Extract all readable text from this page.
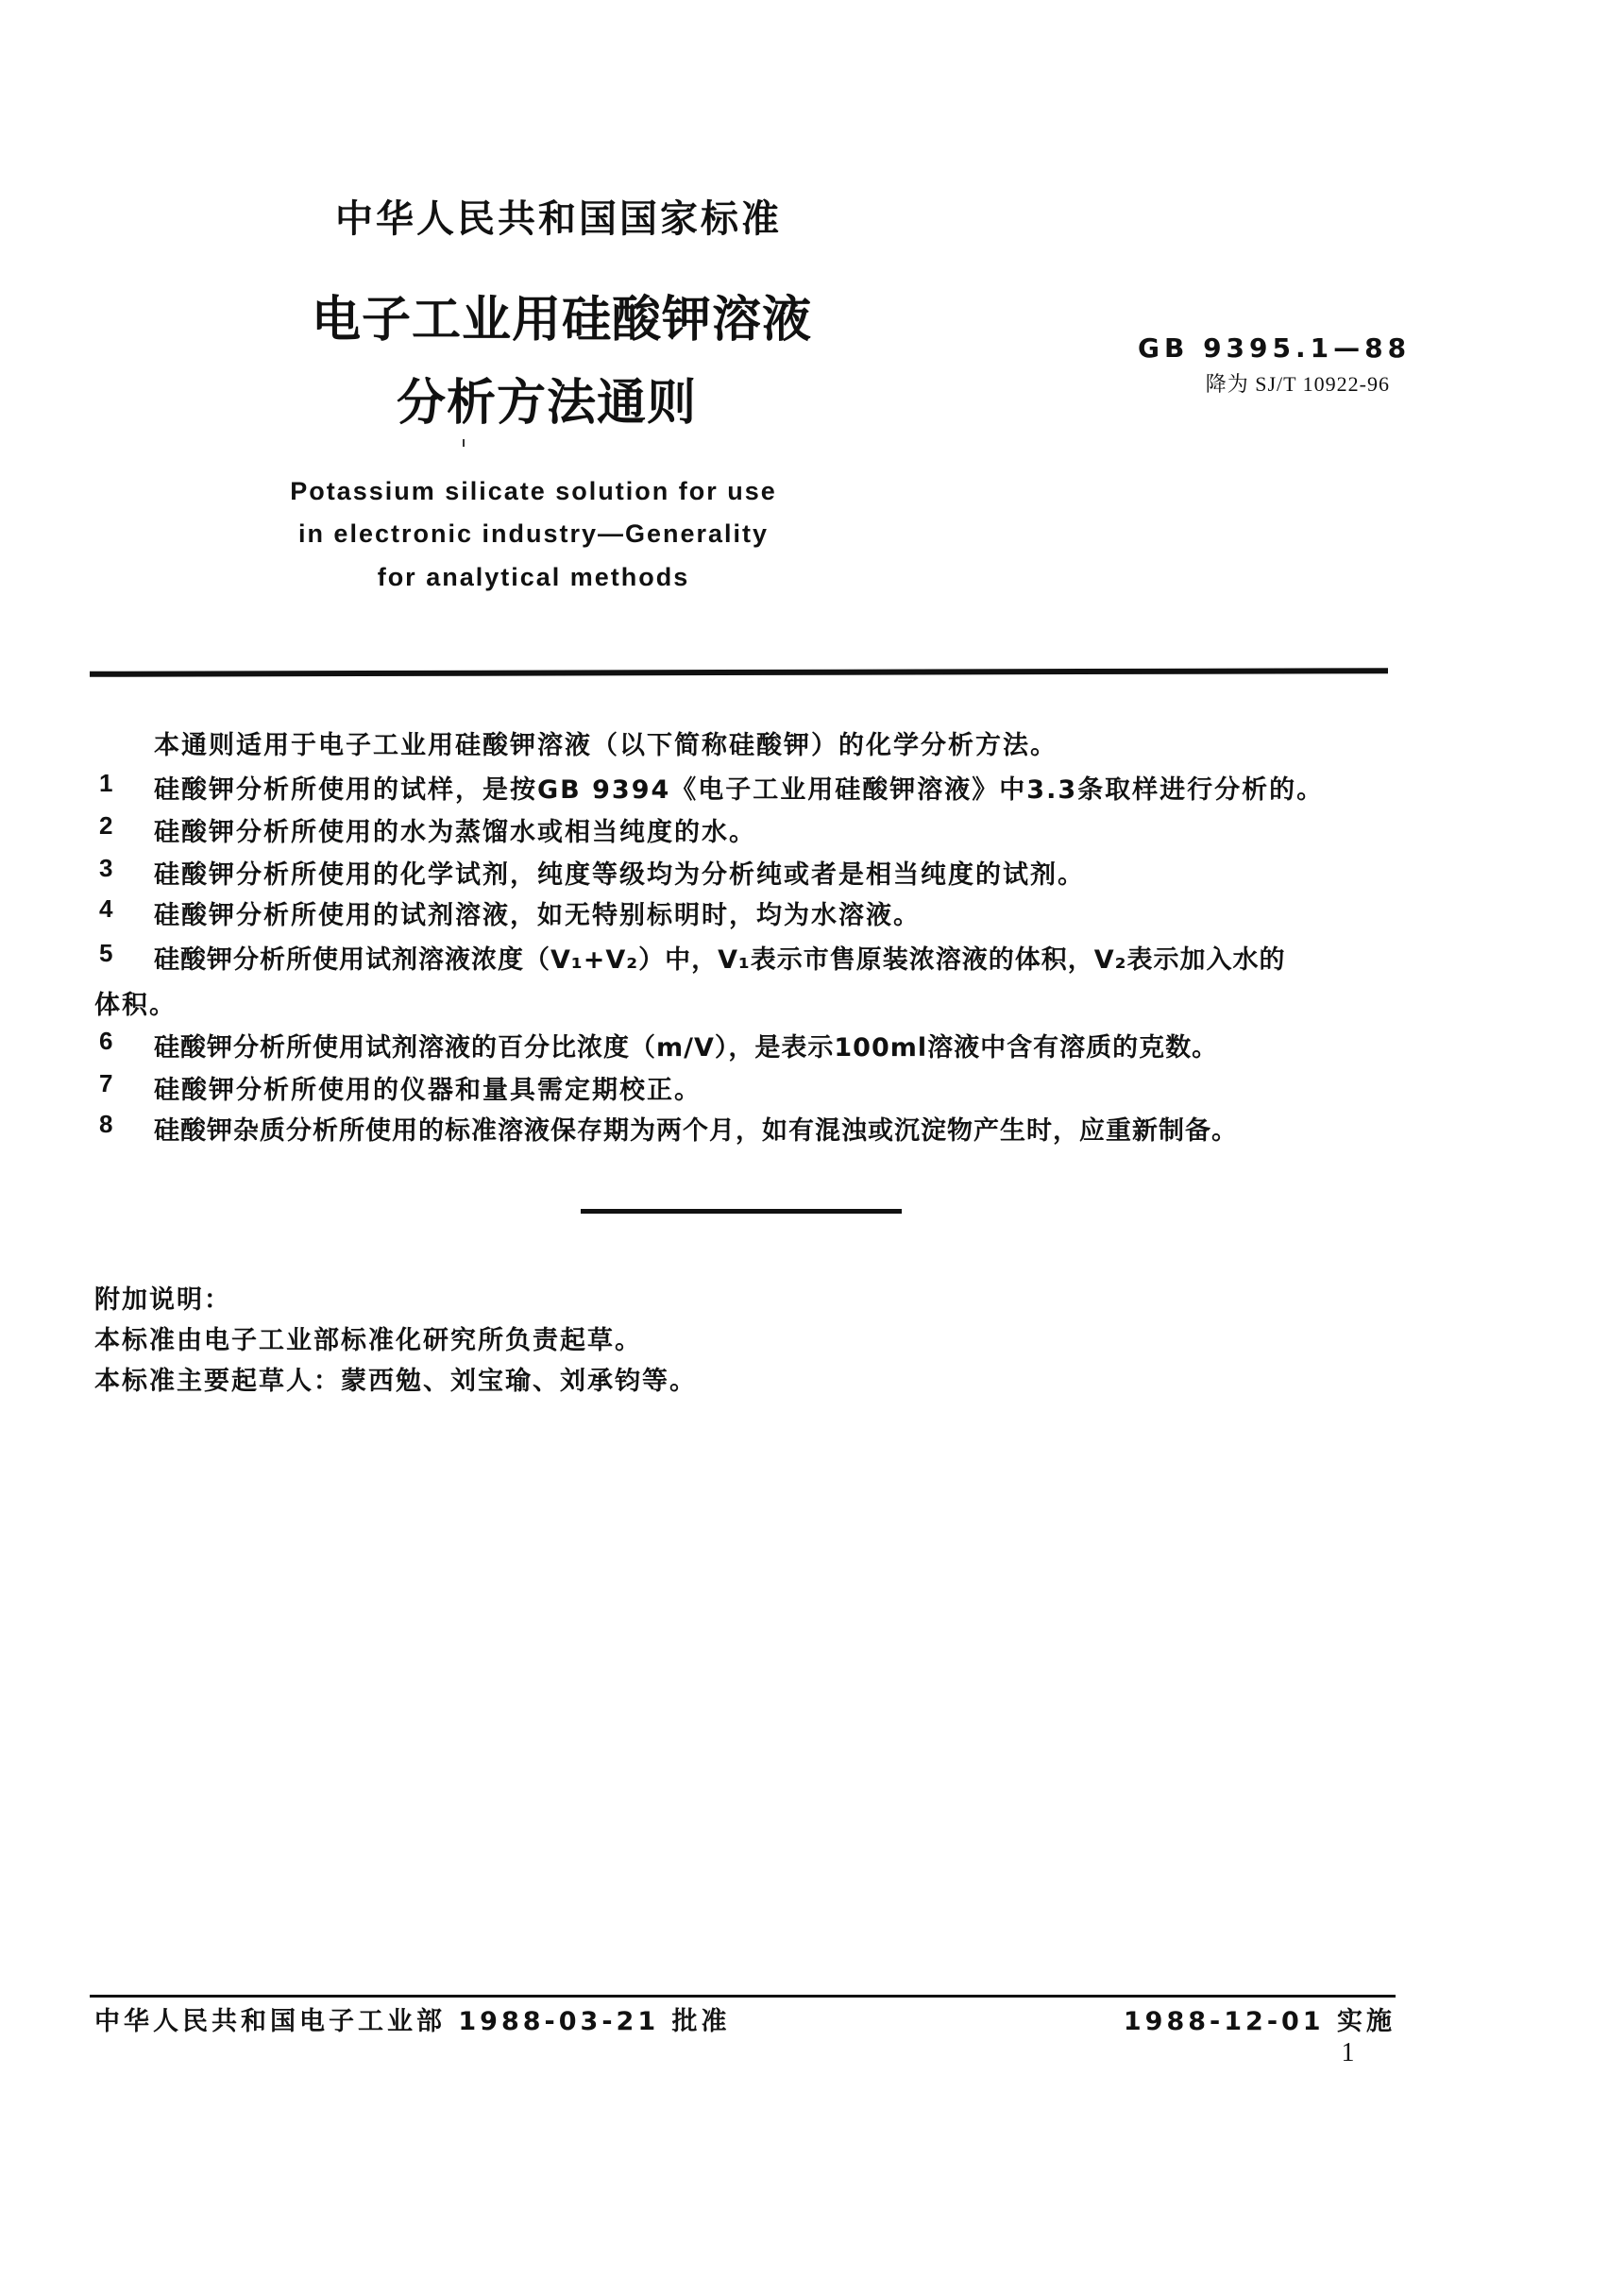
中华人民共和国国家标准
电子工业用硅酸钾溶液
分析方法通则
GB 9395.1—88
降为 SJ/T 10922-96
Potassium silicate solution for use
in electronic industry—Generality
for analytical methods
本通则适用于电子工业用硅酸钾溶液（以下简称硅酸钾）的化学分析方法。
1 硅酸钾分析所使用的试样，是按GB 9394《电子工业用硅酸钾溶液》中3.3条取样进行分析的。
2 硅酸钾分析所使用的水为蒸馏水或相当纯度的水。
3 硅酸钾分析所使用的化学试剂，纯度等级均为分析纯或者是相当纯度的试剂。
4 硅酸钾分析所使用的试剂溶液，如无特别标明时，均为水溶液。
5 硅酸钾分析所使用试剂溶液浓度（V₁+V₂）中，V₁表示市售原装浓溶液的体积，V₂表示加入水的
体积。
6 硅酸钾分析所使用试剂溶液的百分比浓度（m/V），是表示100ml溶液中含有溶质的克数。
7 硅酸钾分析所使用的仪器和量具需定期校正。
8 硅酸钾杂质分析所使用的标准溶液保存期为两个月，如有混浊或沉淀物产生时，应重新制备。
附加说明：
本标准由电子工业部标准化研究所负责起草。
本标准主要起草人：蒙西勉、刘宝瑜、刘承钧等。
中华人民共和国电子工业部 1988-03-21 批准	1988-12-01 实施
1
